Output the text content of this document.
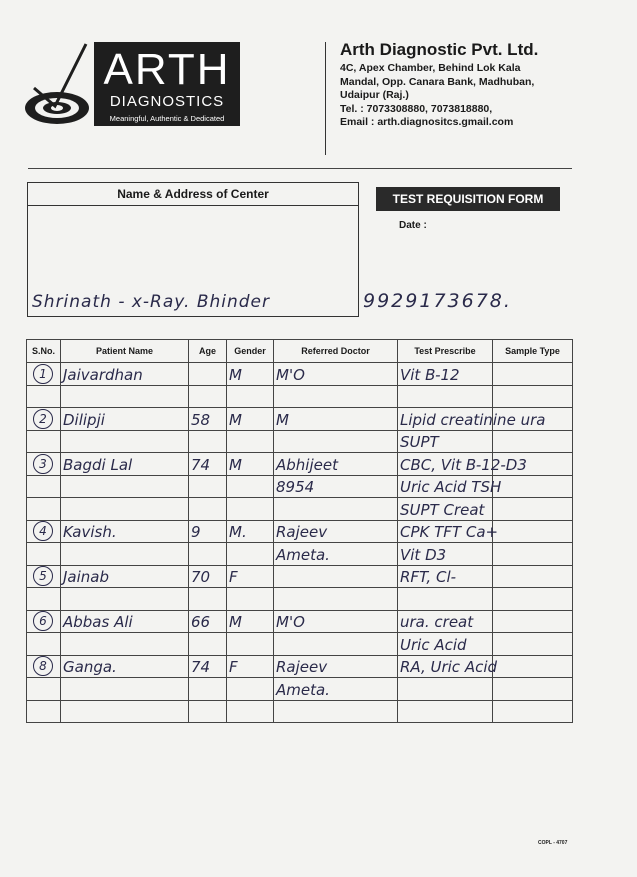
ARTH
DIAGNOSTICS
Meaningful, Authentic & Dedicated
Arth Diagnostic Pvt. Ltd.
4C, Apex Chamber, Behind Lok Kala
Mandal, Opp. Canara Bank, Madhuban,
Udaipur (Raj.)
Tel. : 7073308880, 7073818880,
Email : arth.diagnositcs.gmail.com
Name & Address of Center
Shrinath - x-Ray. Bhinder	9929173678.
TEST REQUISITION FORM
Date :
S.No.	Patient Name	Age	Gender	Referred Doctor	Test Prescribe	Sample Type

1	Jaivardhan		M	M'O	Vit B-12	

2	Dilipji	58	M	M	Lipid creatinine ura	

					SUPT	

3	Bagdi Lal	74	M	Abhijeet	CBC, Vit B-12-D3	

				8954	Uric Acid TSH	

					SUPT Creat	

4	Kavish.	9	M.	Rajeev	CPK TFT Ca+	

				Ameta.	Vit D3	

5	Jainab	70	F		RFT, Cl-	

6	Abbas Ali	66	M	M'O	ura. creat	

					Uric Acid	

8	Ganga.	74	F	Rajeev	RA, Uric Acid	

				Ameta.		

COPL - 4707
